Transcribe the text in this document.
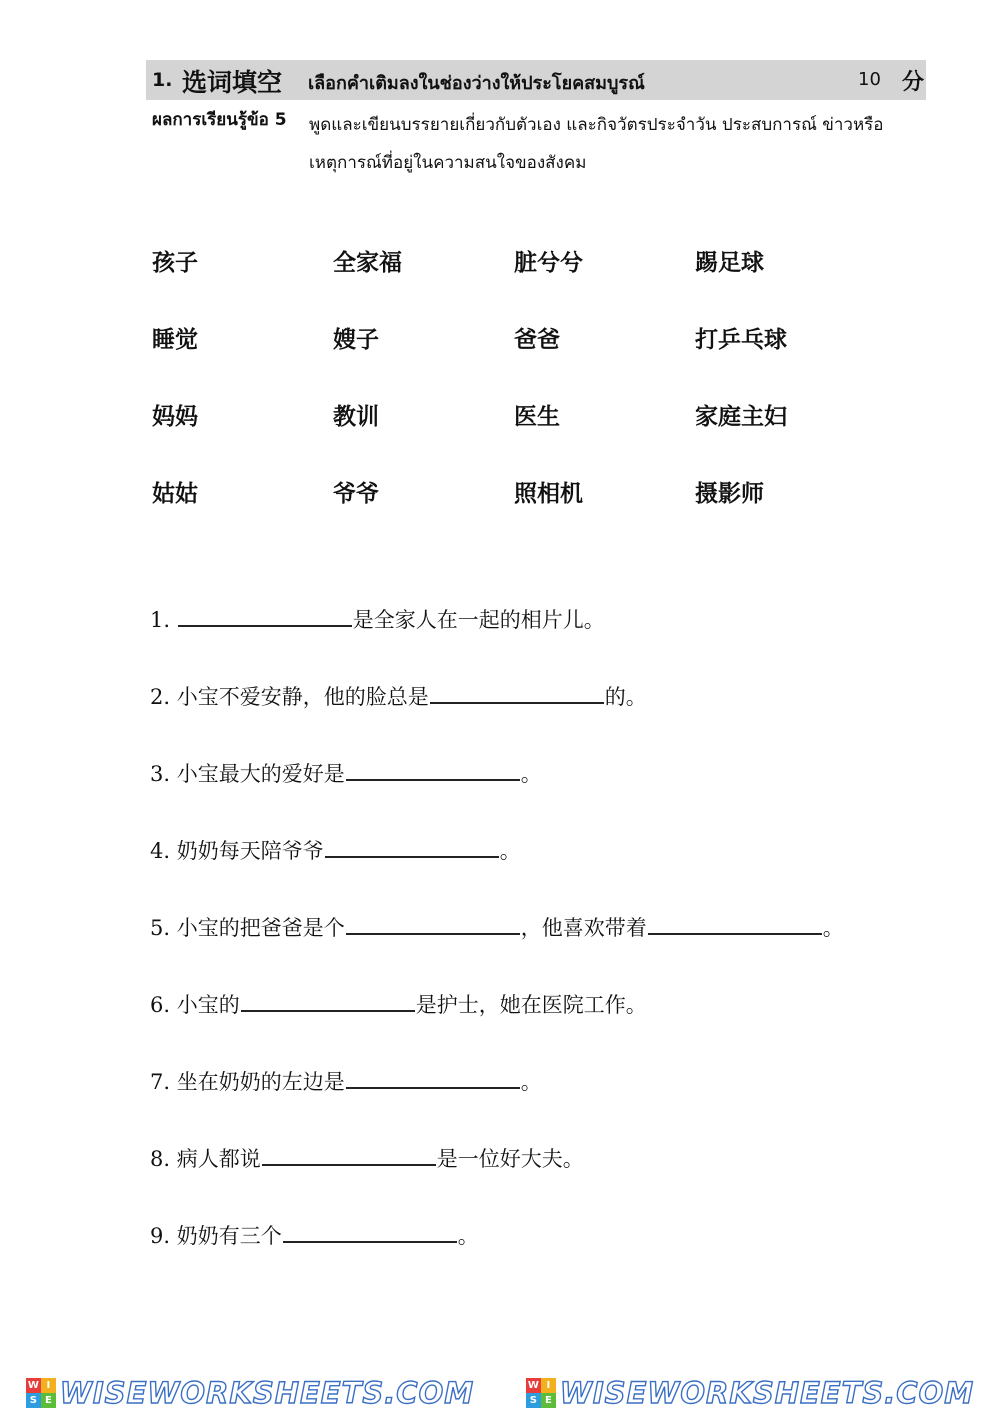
1. 选词填空 เลือกคำเติมลงในช่องว่างให้ประโยคสมบูรณ์	10 分
ผลการเรียนรู้ข้อ 5 พูดและเขียนบรรยายเกี่ยวกับตัวเอง และกิจวัตรประจำวัน ประสบการณ์ ข่าวหรือเหตุการณ์ที่อยู่ในความสนใจของสังคม
孩子	全家福	脏兮兮	踢足球
睡觉	嫂子	爸爸	打乒乓球
妈妈	教训	医生	家庭主妇
姑姑	爷爷	照相机	摄影师
1.	是全家人在一起的相片儿。
2. 小宝不爱安静，他的脸总是	的。
3. 小宝最大的爱好是	。
4. 奶奶每天陪爷爷	。
5. 小宝的把爸爸是个	，他喜欢带着	。
6. 小宝的	是护士，她在医院工作。
7. 坐在奶奶的左边是	。
8. 病人都说	是一位好大夫。
9. 奶奶有三个	。
W I
S E WISEWORKSHEETS.COM	W I
S E WISEWORKSHEETS.COM
